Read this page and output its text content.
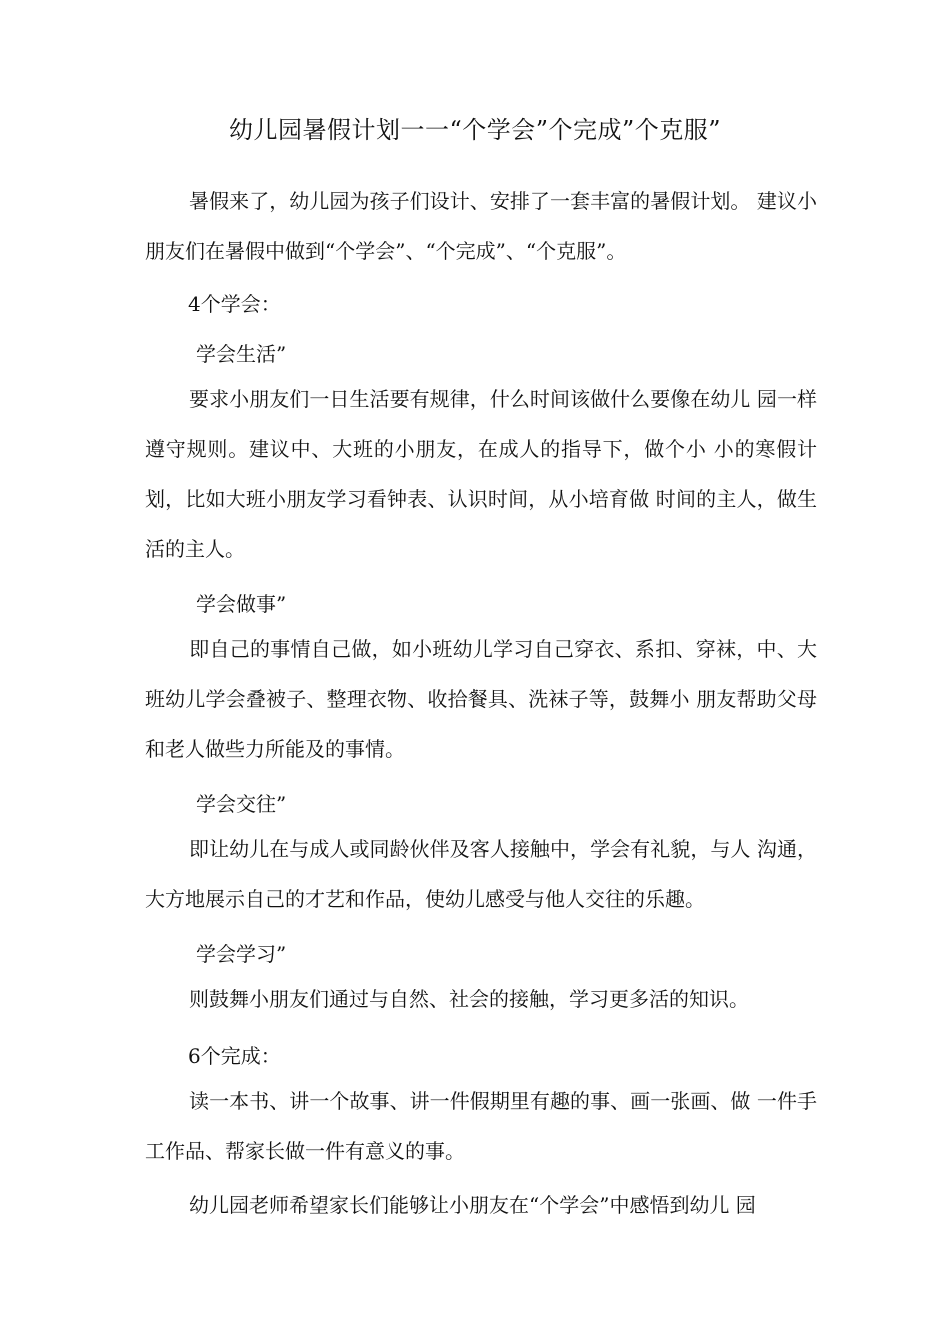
幼儿园暑假计划一一“个学会”个完成”个克服”
暑假来了，幼儿园为孩子们设计、安排了一套丰富的暑假计划。 建议小朋友们在暑假中做到“个学会”、“个完成”、“个克服”。
4个学会：
学会生活”
要求小朋友们一日生活要有规律，什么时间该做什么要像在幼儿 园一样遵守规则。建议中、大班的小朋友，在成人的指导下，做个小 小的寒假计划，比如大班小朋友学习看钟表、认识时间，从小培育做 时间的主人，做生活的主人。
学会做事”
即自己的事情自己做，如小班幼儿学习自己穿衣、系扣、穿袜，中、大班幼儿学会叠被子、整理衣物、收拾餐具、洗袜子等，鼓舞小 朋友帮助父母和老人做些力所能及的事情。
学会交往”
即让幼儿在与成人或同龄伙伴及客人接触中，学会有礼貌，与人 沟通，大方地展示自己的才艺和作品，使幼儿感受与他人交往的乐趣。
学会学习”
则鼓舞小朋友们通过与自然、社会的接触，学习更多活的知识。
6个完成：
读一本书、讲一个故事、讲一件假期里有趣的事、画一张画、做 一件手工作品、帮家长做一件有意义的事。
幼儿园老师希望家长们能够让小朋友在“个学会”中感悟到幼儿 园
